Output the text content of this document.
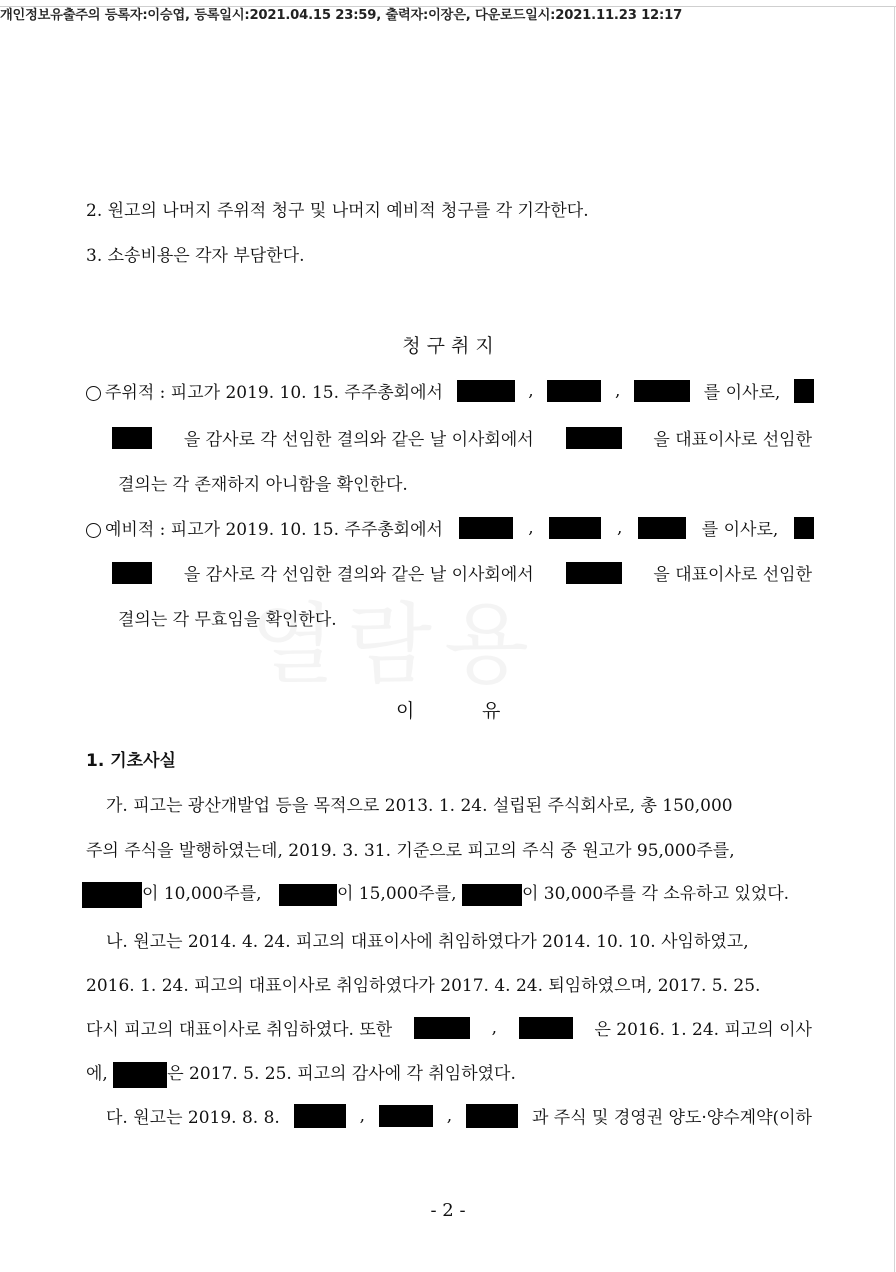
개인정보유출주의 등록자:이승엽, 등록일시:2021.04.15 23:59, 출력자:이장은, 다운로드일시:2021.11.23 12:17
2. 원고의 나머지 주위적 청구 및 나머지 예비적 청구를 각 기각한다.
3. 소송비용은 각자 부담한다.
청 구 취 지
주위적 : 피고가 2019. 10. 15. 주주총회에서	,	,	를 이사로,
을 감사로 각 선임한 결의와 같은 날 이사회에서	을 대표이사로 선임한
결의는 각 존재하지 아니함을 확인한다.
예비적 : 피고가 2019. 10. 15. 주주총회에서	,	,	를 이사로,
을 감사로 각 선임한 결의와 같은 날 이사회에서	을 대표이사로 선임한
결의는 각 무효임을 확인한다.
이	유
1. 기초사실
가. 피고는 광산개발업 등을 목적으로 2013. 1. 24. 설립된 주식회사로, 총 150,000
주의 주식을 발행하였는데, 2019. 3. 31. 기준으로 피고의 주식 중 원고가 95,000주를,
이 10,000주를,	이 15,000주를,	이 30,000주를 각 소유하고 있었다.
나. 원고는 2014. 4. 24. 피고의 대표이사에 취임하였다가 2014. 10. 10. 사임하였고,
2016. 1. 24. 피고의 대표이사로 취임하였다가 2017. 4. 24. 퇴임하였으며, 2017. 5. 25.
다시 피고의 대표이사로 취임하였다. 또한	,	은 2016. 1. 24. 피고의 이사
에,	은 2017. 5. 25. 피고의 감사에 각 취임하였다.
다. 원고는 2019. 8. 8.	,	,	과 주식 및 경영권 양도·양수계약(이하
- 2 -
